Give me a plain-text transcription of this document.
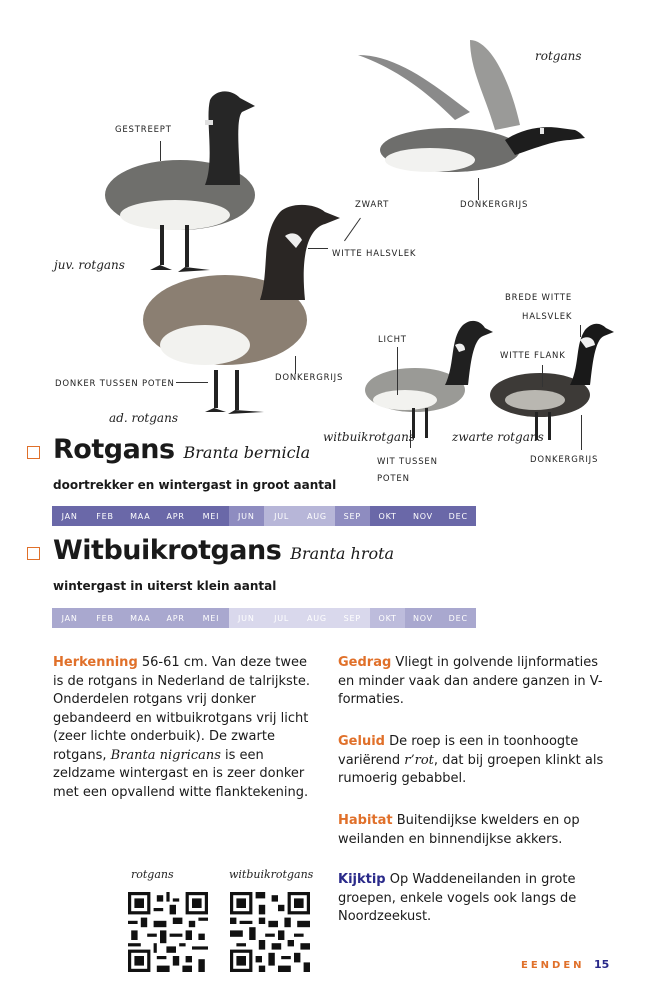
GESTREEPT
ZWART	DONKERGRIJS
WITTE HALSVLEK
DONKER TUSSEN POTEN
DONKERGRIJS
BREDE WITTE
HALSVLEK
LICHT
WITTE FLANK
WIT TUSSEN
POTEN
DONKERGRIJS
rotgans
juv. rotgans
ad. rotgans
witbuikrotgans	zwarte rotgans
Rotgans Branta bernicla
doortrekker en wintergast in groot aantal
JAN	FEB	MAA	APR	MEI	JUN	JUL	AUG	SEP	OKT	NOV	DEC
Witbuikrotgans Branta hrota
wintergast in uiterst klein aantal
JAN	FEB	MAA	APR	MEI	JUN	JUL	AUG	SEP	OKT	NOV	DEC
Herkenning 56-61 cm. Van deze twee is de rotgans in Nederland de talrijkste. Onderdelen rotgans vrij donker gebandeerd en witbuikrotgans vrij licht (zeer lichte onderbuik). De zwarte rotgans, Branta nigricans is een zeldzame wintergast en is zeer donker met een opvallend witte flanktekening.
Gedrag Vliegt in golvende lijnformaties en minder vaak dan andere ganzen in V-formaties.
Geluid De roep is een in toonhoogte variërend r’rot, dat bij groepen klinkt als rumoerig gebabbel.
Habitat Buitendijkse kwelders en op weilanden en binnendijkse akkers.
Kijktip Op Waddeneilanden in grote groepen, enkele vogels ook langs de Noordzeekust.
rotgans	witbuikrotgans
EENDEN 15
